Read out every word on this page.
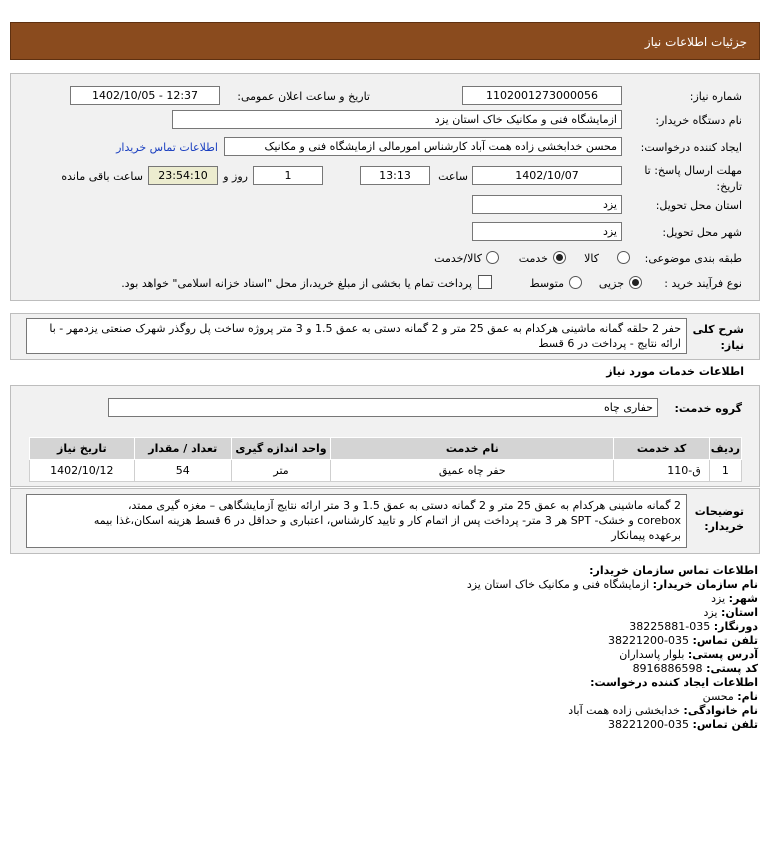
جزئیات اطلاعات نیاز
شماره نیاز:
1102001273000056
تاریخ و ساعت اعلان عمومی:
1402/10/05 - 12:37
نام دستگاه خریدار:
ازمایشگاه فنی و مکانیک خاک استان یزد
ایجاد کننده درخواست:
محسن خدابخشی زاده همت آباد کارشناس امورمالی ازمایشگاه فنی و مکانیک
اطلاعات تماس خریدار
مهلت ارسال پاسخ: تا
تاریخ:
1402/10/07
ساعت
13:13
1
روز و
23:54:10
ساعت باقی مانده
استان محل تحویل:
یزد
شهر محل تحویل:
یزد
طبقه بندی موضوعی:
کالا
خدمت
کالا/خدمت
نوع فرآیند خرید :
جزیی
متوسط
پرداخت تمام یا بخشی از مبلغ خرید،از محل "اسناد خزانه اسلامی" خواهد بود.
شرح کلی
نیاز:
حفر 2 حلقه گمانه ماشینی هرکدام به عمق 25 متر و 2 گمانه دستی به عمق 1.5 و 3 متر پروژه ساخت پل روگذر شهرک صنعتی یزدمهر - با ارائه نتایج - پرداخت در 6 قسط
اطلاعات خدمات مورد نیاز
گروه خدمت:
حفاری چاه
ردیف	کد خدمت	نام خدمت	واحد اندازه گیری	تعداد / مقدار	تاریخ نیاز
1	ق-110	حفر چاه عمیق	متر	54	1402/10/12
توضیحات
خریدار:
2 گمانه ماشینی هرکدام به عمق 25 متر و 2 گمانه دستی به عمق 1.5 و 3 متر ارائه نتایج آزمایشگاهی – مغزه گیری ممتد،
corebox و خشک- SPT هر 3 متر- پرداخت پس از اتمام کار و تایید کارشناس، اعتباری و حداقل در 6 قسط هزینه اسکان،غذا بیمه
برعهده پیمانکار
اطلاعات تماس سازمان خریدار:
نام سازمان خریدار: ازمایشگاه فنی و مکانیک خاک استان یزد
شهر: یزد
استان: یزد
دورنگار: 035-38225881
تلفن تماس: 035-38221200
آدرس پستی: بلوار پاسداران
کد پستی: 8916886598
اطلاعات ایجاد کننده درخواست:
نام: محسن
نام خانوادگی: خدابخشی زاده همت آباد
تلفن تماس: 035-38221200
